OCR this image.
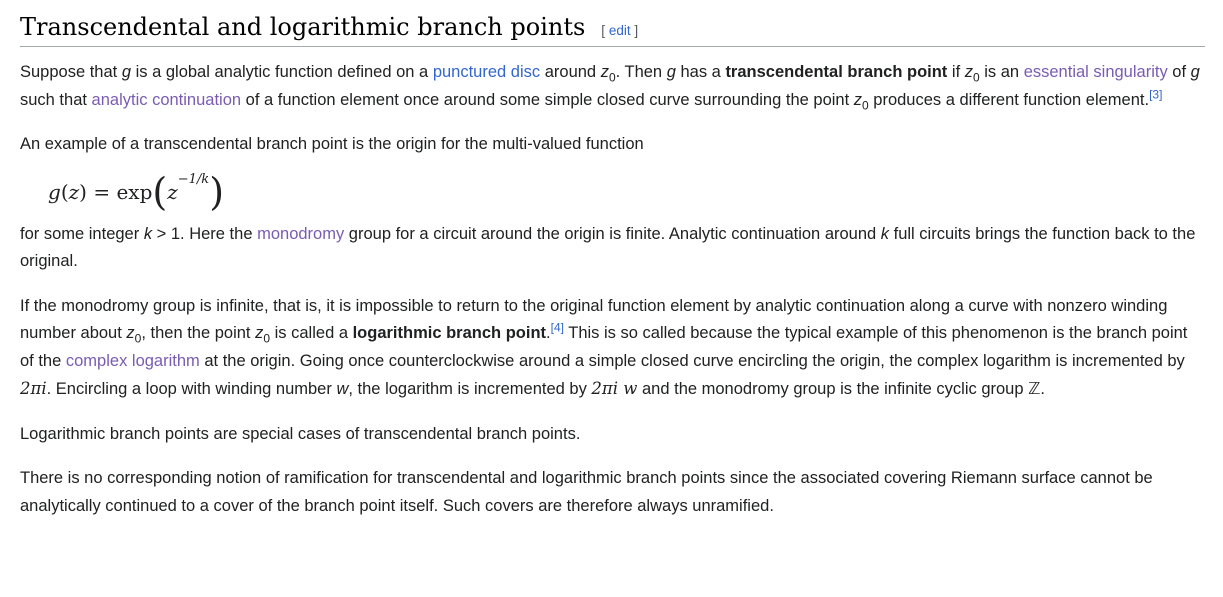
Transcendental and logarithmic branch points [ edit ]

Suppose that g is a global analytic function defined on a punctured disc around $z_0$. Then g has a transcendental branch point if $z_0$ is an essential singularity of g such that analytic continuation of a function element once around some simple closed curve surrounding the point $z_0$ produces a different function element.[3]

An example of a transcendental branch point is the origin for the multi-valued function

g ( z ) = exp ( z −1/k )

for some integer k > 1. Here the monodromy group for a circuit around the origin is finite. Analytic continuation around k full circuits brings the function back to the original.

If the monodromy group is infinite, that is, it is impossible to return to the original function element by analytic continuation along a curve with nonzero winding number about $z_0$, then the point $z_0$ is called a logarithmic branch point.[4] This is so called because the typical example of this phenomenon is the branch point of the complex logarithm at the origin. Going once counterclockwise around a simple closed curve encircling the origin, the complex logarithm is incremented by 2πi. Encircling a loop with winding number w, the logarithm is incremented by 2πi w and the monodromy group is the infinite cyclic group ℤ.

Logarithmic branch points are special cases of transcendental branch points.

There is no corresponding notion of ramification for transcendental and logarithmic branch points since the associated covering Riemann surface cannot be analytically continued to a cover of the branch point itself. Such covers are therefore always unramified.
